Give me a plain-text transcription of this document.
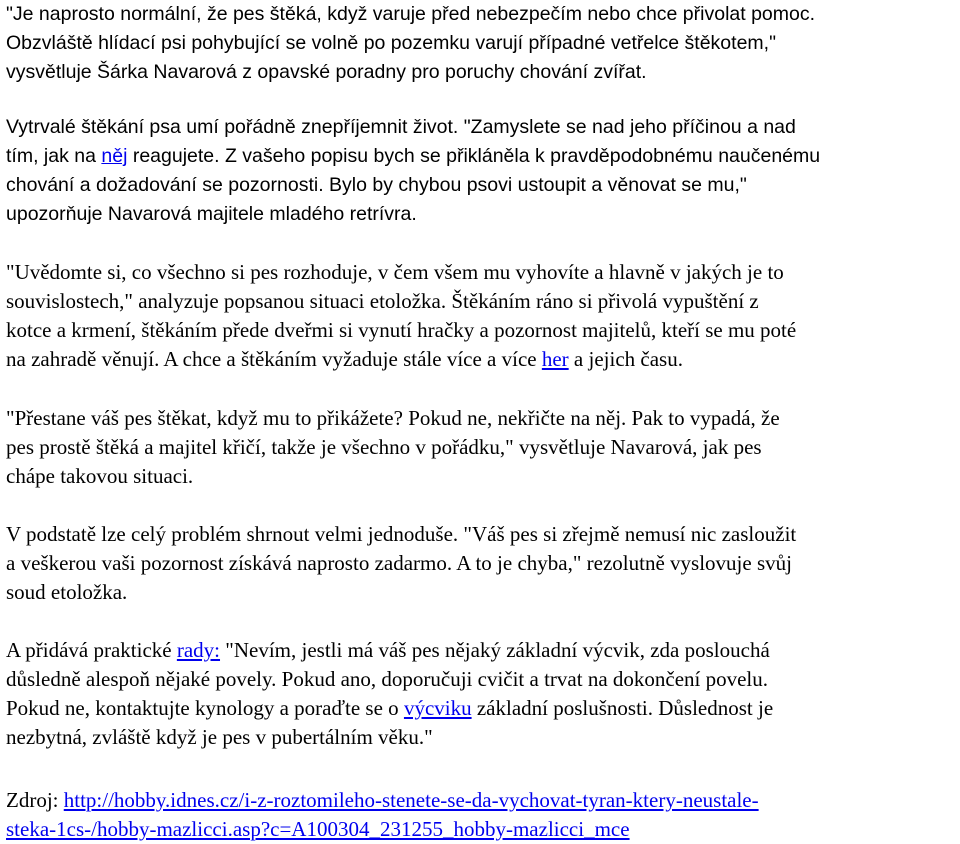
"Je naprosto normální, že pes štěká, když varuje před nebezpečím nebo chce přivolat pomoc.
Obzvláště hlídací psi pohybující se volně po pozemku varují případné vetřelce štěkotem,"
vysvětluje Šárka Navarová z opavské poradny pro poruchy chování zvířat.
Vytrvalé štěkání psa umí pořádně znepříjemnit život. "Zamyslete se nad jeho příčinou a nad
tím, jak na něj reagujete. Z vašeho popisu bych se přikláněla k pravděpodobnému naučenému
chování a dožadování se pozornosti. Bylo by chybou psovi ustoupit a věnovat se mu,"
upozorňuje Navarová majitele mladého retrívra.
"Uvědomte si, co všechno si pes rozhoduje, v čem všem mu vyhovíte a hlavně v jakých je to
souvislostech," analyzuje popsanou situaci etoložka. Štěkáním ráno si přivolá vypuštění z
kotce a krmení, štěkáním přede dveřmi si vynutí hračky a pozornost majitelů, kteří se mu poté
na zahradě věnují. A chce a štěkáním vyžaduje stále více a více her a jejich času.
"Přestane váš pes štěkat, když mu to přikážete? Pokud ne, nekřičte na něj. Pak to vypadá, že
pes prostě štěká a majitel křičí, takže je všechno v pořádku," vysvětluje Navarová, jak pes
chápe takovou situaci.
V podstatě lze celý problém shrnout velmi jednoduše. "Váš pes si zřejmě nemusí nic zasloužit
a veškerou vaši pozornost získává naprosto zadarmo. A to je chyba," rezolutně vyslovuje svůj
soud etoložka.
A přidává praktické rady: "Nevím, jestli má váš pes nějaký základní výcvik, zda poslouchá
důsledně alespoň nějaké povely. Pokud ano, doporučuji cvičit a trvat na dokončení povelu.
Pokud ne, kontaktujte kynology a poraďte se o výcviku základní poslušnosti. Důslednost je
nezbytná, zvláště když je pes v pubertálním věku."
Zdroj: http://hobby.idnes.cz/i-z-roztomileho-stenete-se-da-vychovat-tyran-ktery-neustale-
steka-1cs-/hobby-mazlicci.asp?c=A100304_231255_hobby-mazlicci_mce
